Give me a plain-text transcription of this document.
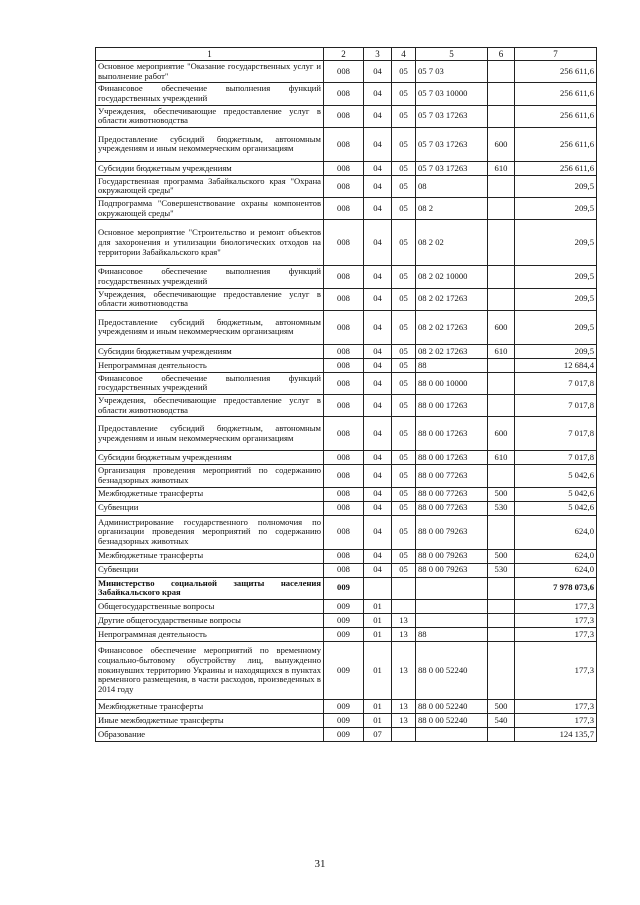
1	2	3	4	5	6	7
Основное мероприятие "Оказание государственных услуг и выполнение работ"	008	04	05	05 7 03		256 611,6
Финансовое обеспечение выполнения функций государственных учреждений	008	04	05	05 7 03 10000		256 611,6
Учреждения, обеспечивающие предоставление услуг в области животноводства	008	04	05	05 7 03 17263		256 611,6
Предоставление субсидий бюджетным, автономным учреждениям и иным некоммерческим организациям	008	04	05	05 7 03 17263	600	256 611,6
Субсидии бюджетным учреждениям	008	04	05	05 7 03 17263	610	256 611,6
Государственная программа Забайкальского края "Охрана окружающей среды"	008	04	05	08		209,5
Подпрограмма "Совершенствование охраны компонентов окружающей среды"	008	04	05	08 2		209,5
Основное мероприятие "Строительство и ремонт объектов для захоронения и утилизации биологических отходов на территории Забайкальского края"	008	04	05	08 2 02		209,5
Финансовое обеспечение выполнения функций государственных учреждений	008	04	05	08 2 02 10000		209,5
Учреждения, обеспечивающие предоставление услуг в области животноводства	008	04	05	08 2 02 17263		209,5
Предоставление субсидий бюджетным, автономным учреждениям и иным некоммерческим организациям	008	04	05	08 2 02 17263	600	209,5
Субсидии бюджетным учреждениям	008	04	05	08 2 02 17263	610	209,5
Непрограммная деятельность	008	04	05	88		12 684,4
Финансовое обеспечение выполнения функций государственных учреждений	008	04	05	88 0 00 10000		7 017,8
Учреждения, обеспечивающие предоставление услуг в области животноводства	008	04	05	88 0 00 17263		7 017,8
Предоставление субсидий бюджетным, автономным учреждениям и иным некоммерческим организациям	008	04	05	88 0 00 17263	600	7 017,8
Субсидии бюджетным учреждениям	008	04	05	88 0 00 17263	610	7 017,8
Организация проведения мероприятий по содержанию безнадзорных животных	008	04	05	88 0 00 77263		5 042,6
Межбюджетные трансферты	008	04	05	88 0 00 77263	500	5 042,6
Субвенции	008	04	05	88 0 00 77263	530	5 042,6
Администрирование государственного полномочия по организации проведения мероприятий по содержанию безнадзорных животных	008	04	05	88 0 00 79263		624,0
Межбюджетные трансферты	008	04	05	88 0 00 79263	500	624,0
Субвенции	008	04	05	88 0 00 79263	530	624,0
Министерство социальной защиты населения Забайкальского края	009					7 978 073,6
Общегосударственные вопросы	009	01				177,3
Другие общегосударственные вопросы	009	01	13			177,3
Непрограммная деятельность	009	01	13	88		177,3
Финансовое обеспечение мероприятий по временному социально-бытовому обустройству лиц, вынужденно покинувших территорию Украины и находящихся в пунктах временного размещения, в части расходов, произведенных в 2014 году	009	01	13	88 0 00 52240		177,3
Межбюджетные трансферты	009	01	13	88 0 00 52240	500	177,3
Иные межбюджетные трансферты	009	01	13	88 0 00 52240	540	177,3
Образование	009	07				124 135,7
31
